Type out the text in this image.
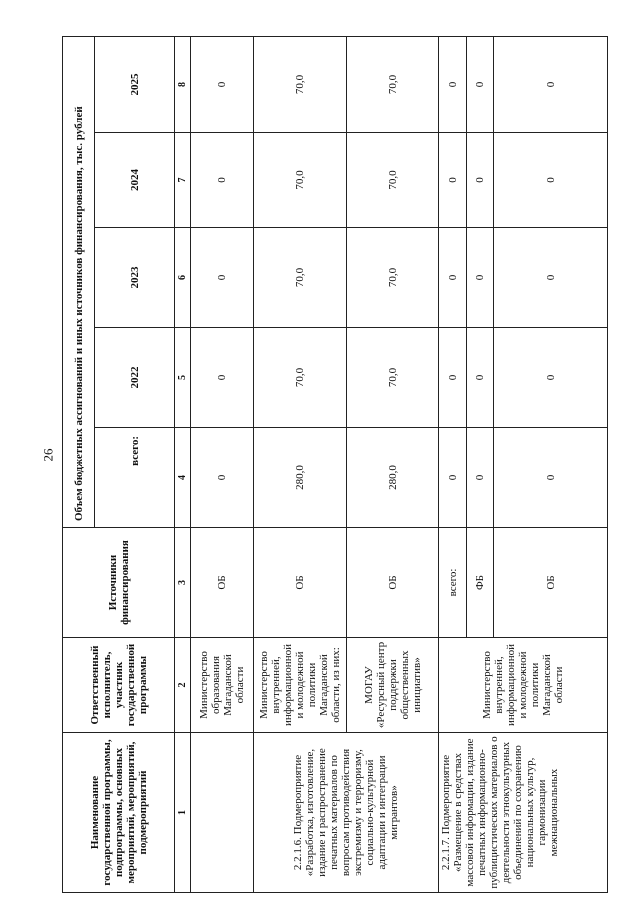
26
Наименование государственной программы, подпрограммы, основных мероприятий, мероприятий, подмероприятий	Ответственный исполнитель, участник государственной программы	Источники финансирования	Объем бюджетных ассигнований и иных источников финансирования, тыс. рублей				
			всего:	2022	2023	2024	2025
1	2	3	4	5	6	7	8
	Министерство образования Магаданской области	ОБ	0	0	0	0	0
2.2.1.6. Подмероприятие «Разработка, изготовление, издание и распространение печатных материалов по вопросам противодействия экстремизму и терроризму, социально-культурной адаптации и интеграции мигрантов»	Министерство внутренней, информационной и молодежной политики Магаданской области, из них:	ОБ	280,0	70,0	70,0	70,0	70,0
	МОГАУ «Ресурсный центр поддержки общественных инициатив»	ОБ	280,0	70,0	70,0	70,0	70,0
2.2.1.7. Подмероприятие «Размещение в средствах массовой информации, издание печатных информационно-публицистических материалов о деятельности этнокультурных объединений по сохранению национальных культур, гармонизации межнациональных	Министерство внутренней, информационной и молодежной политики Магаданской области	всего:	0	0	0	0	0
		ФБ	0	0	0	0	0
		ОБ	0	0	0	0	0
